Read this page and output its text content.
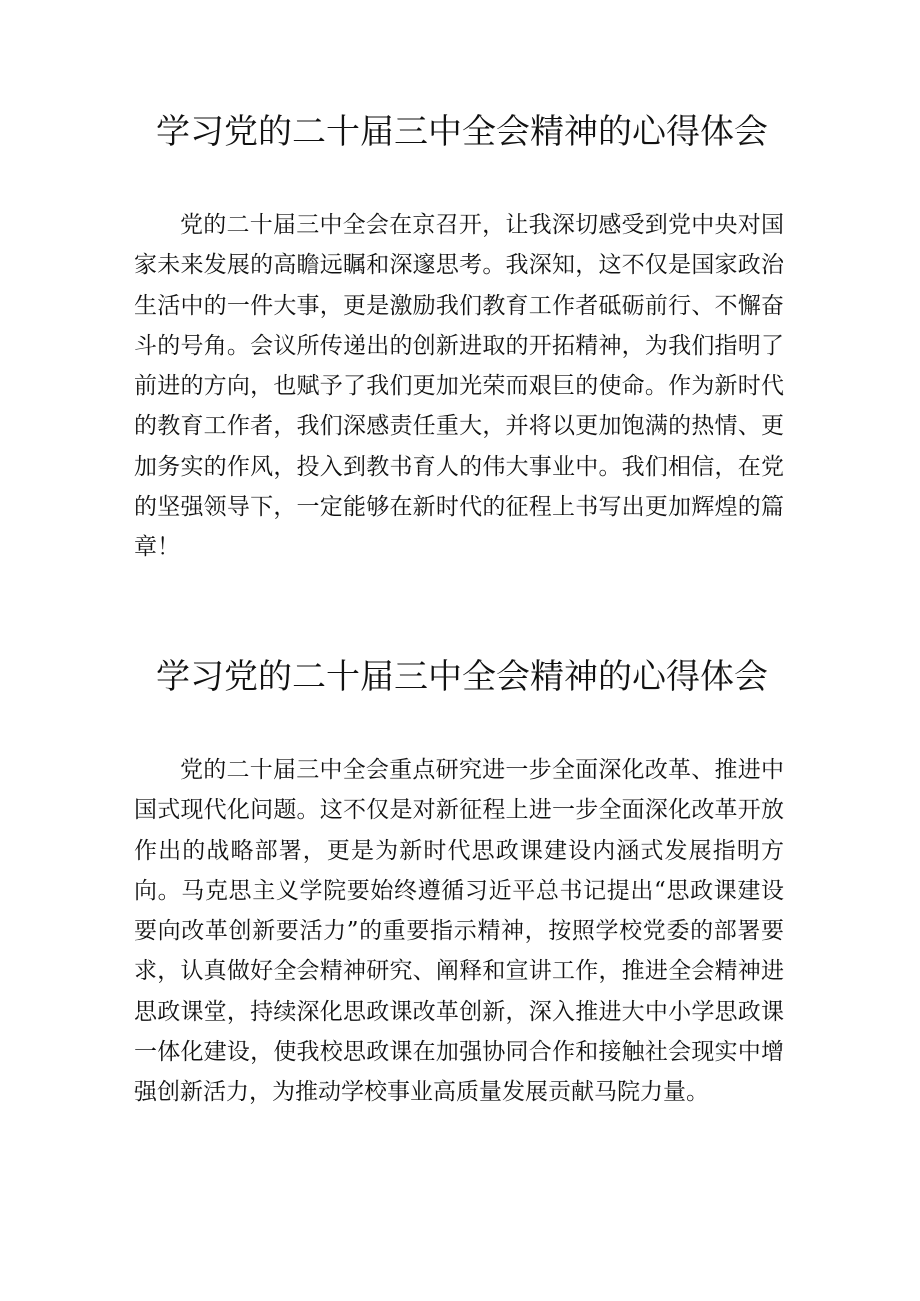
学习党的二十届三中全会精神的心得体会

党的二十届三中全会在京召开，让我深切感受到党中央对国家未来发展的高瞻远瞩和深邃思考。我深知，这不仅是国家政治生活中的一件大事，更是激励我们教育工作者砥砺前行、不懈奋斗的号角。会议所传递出的创新进取的开拓精神，为我们指明了前进的方向，也赋予了我们更加光荣而艰巨的使命。作为新时代的教育工作者，我们深感责任重大，并将以更加饱满的热情、更加务实的作风，投入到教书育人的伟大事业中。我们相信，在党的坚强领导下，一定能够在新时代的征程上书写出更加辉煌的篇章！

学习党的二十届三中全会精神的心得体会

党的二十届三中全会重点研究进一步全面深化改革、推进中国式现代化问题。这不仅是对新征程上进一步全面深化改革开放作出的战略部署，更是为新时代思政课建设内涵式发展指明方向。马克思主义学院要始终遵循习近平总书记提出“思政课建设要向改革创新要活力”的重要指示精神，按照学校党委的部署要求，认真做好全会精神研究、阐释和宣讲工作，推进全会精神进思政课堂，持续深化思政课改革创新，深入推进大中小学思政课一体化建设，使我校思政课在加强协同合作和接触社会现实中增强创新活力，为推动学校事业高质量发展贡献马院力量。
